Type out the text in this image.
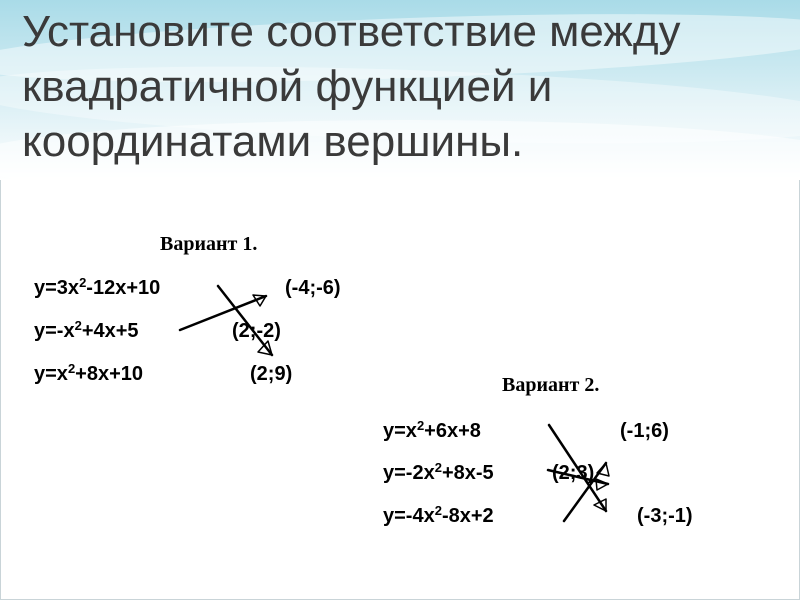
Установите соответствие между
квадратичной функцией и
координатами вершины.
Вариант 1.
$y=3x^2-12x+10$
$y=-x^2+4x+5$
$y=x^2+8x+10$
(-4;-6)
(2;-2)
(2;9)	Вариант 2.
$y=x^2+6x+8$
$y=-2x^2+8x-5$
$y=-4x^2-8x+2$
(-1;6)
(2;3)
(-3;-1)
